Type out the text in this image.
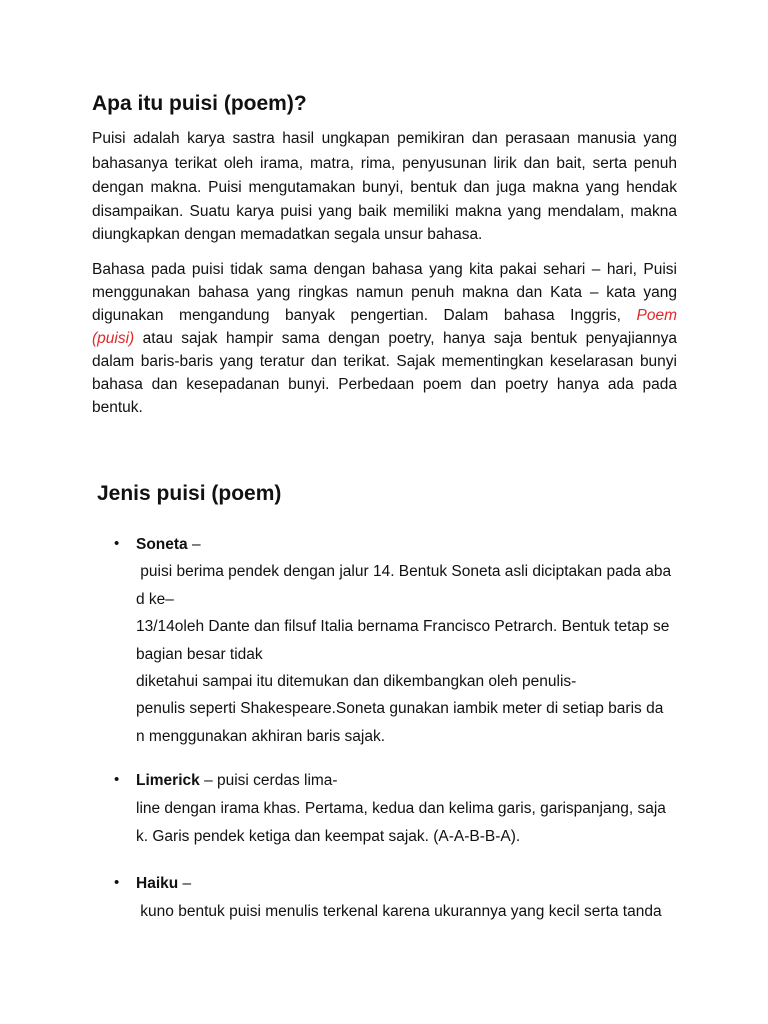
Apa itu puisi (poem)?
Puisi adalah karya sastra hasil ungkapan pemikiran dan perasaan manusia yang
bahasanya terikat oleh irama, matra, rima, penyusunan lirik dan bait, serta penuh
dengan makna. Puisi mengutamakan bunyi, bentuk dan juga makna yang hendak
disampaikan. Suatu karya puisi yang baik memiliki makna yang mendalam, makna
diungkapkan dengan memadatkan segala unsur bahasa.
Bahasa pada puisi tidak sama dengan bahasa yang kita pakai sehari – hari, Puisi
menggunakan bahasa yang ringkas namun penuh makna dan Kata – kata yang
digunakan mengandung banyak pengertian. Dalam bahasa Inggris, Poem
(puisi) atau sajak hampir sama dengan poetry, hanya saja bentuk penyajiannya
dalam baris-baris yang teratur dan terikat. Sajak mementingkan keselarasan bunyi
bahasa dan kesepadanan bunyi. Perbedaan poem dan poetry hanya ada pada
bentuk.
Jenis puisi (poem)
• Soneta –
puisi berima pendek dengan jalur 14. Bentuk Soneta asli diciptakan pada aba
d ke–
13/14oleh Dante dan filsuf Italia bernama Francisco Petrarch. Bentuk tetap se
bagian besar tidak
diketahui sampai itu ditemukan dan dikembangkan oleh penulis-
penulis seperti Shakespeare.Soneta gunakan iambik meter di setiap baris da
n menggunakan akhiran baris sajak.
• Limerick – puisi cerdas lima-
line dengan irama khas. Pertama, kedua dan kelima garis, garispanjang, saja
k. Garis pendek ketiga dan keempat sajak. (A-A-B-B-A).
• Haiku –
kuno bentuk puisi menulis terkenal karena ukurannya yang kecil serta tanda
